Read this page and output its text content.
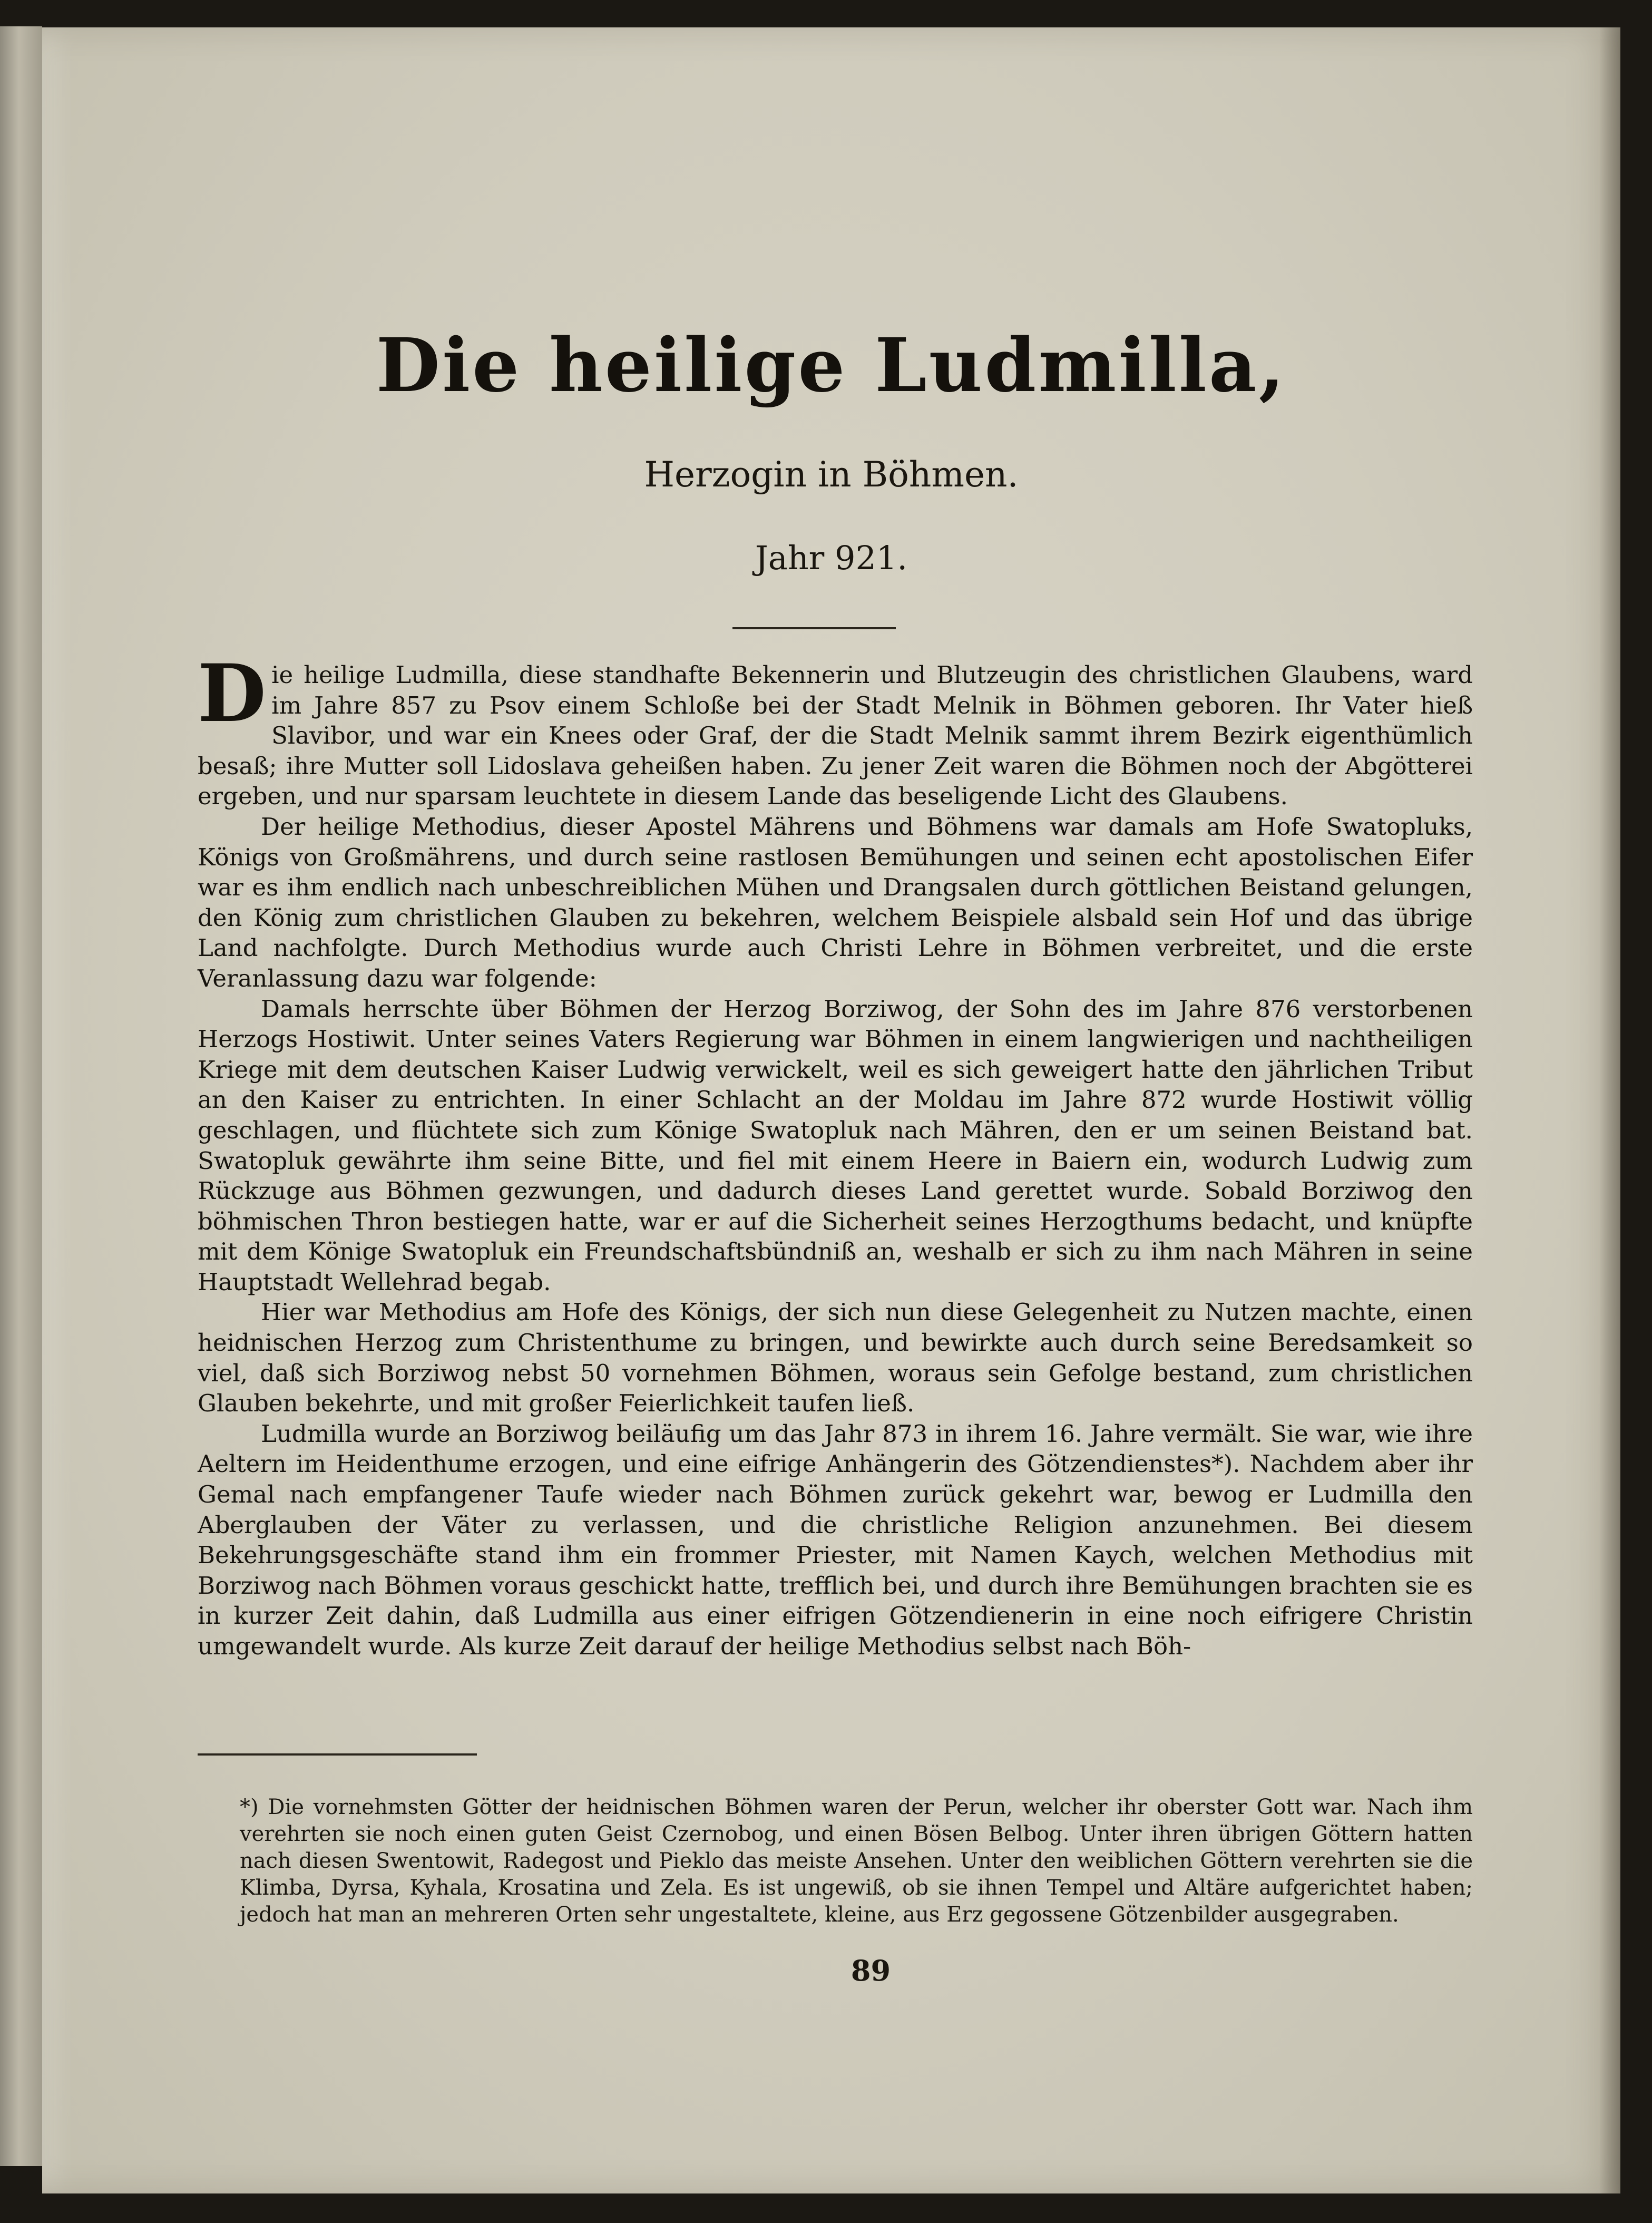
Die heilige Ludmilla,
Herzogin in Böhmen.
Jahr 921.

Die heilige Ludmilla, diese standhafte Bekennerin und Blutzeugin des christlichen Glaubens, ward im Jahre 857 zu Psov einem Schloße bei der Stadt Melnik in Böhmen geboren. Ihr Vater hieß Slavibor, und war ein Knees oder Graf, der die Stadt Melnik sammt ihrem Bezirk eigenthümlich besaß; ihre Mutter soll Lidoslava geheißen haben. Zu jener Zeit waren die Böhmen noch der Abgötterei ergeben, und nur sparsam leuchtete in diesem Lande das beseligende Licht des Glaubens.

Der heilige Methodius, dieser Apostel Mährens und Böhmens war damals am Hofe Swatopluks, Königs von Großmährens, und durch seine rastlosen Bemühungen und seinen echt apostolischen Eifer war es ihm endlich nach unbeschreiblichen Mühen und Drangsalen durch göttlichen Beistand gelungen, den König zum christlichen Glauben zu bekehren, welchem Beispiele alsbald sein Hof und das übrige Land nachfolgte. Durch Methodius wurde auch Christi Lehre in Böhmen verbreitet, und die erste Veranlassung dazu war folgende:

Damals herrschte über Böhmen der Herzog Borziwog, der Sohn des im Jahre 876 verstorbenen Herzogs Hostiwit. Unter seines Vaters Regierung war Böhmen in einem langwierigen und nachtheiligen Kriege mit dem deutschen Kaiser Ludwig verwickelt, weil es sich geweigert hatte den jährlichen Tribut an den Kaiser zu entrichten. In einer Schlacht an der Moldau im Jahre 872 wurde Hostiwit völlig geschlagen, und flüchtete sich zum Könige Swatopluk nach Mähren, den er um seinen Beistand bat. Swatopluk gewährte ihm seine Bitte, und fiel mit einem Heere in Baiern ein, wodurch Ludwig zum Rückzuge aus Böhmen gezwungen, und dadurch dieses Land gerettet wurde. Sobald Borziwog den böhmischen Thron bestiegen hatte, war er auf die Sicherheit seines Herzogthums bedacht, und knüpfte mit dem Könige Swatopluk ein Freundschaftsbündniß an, weshalb er sich zu ihm nach Mähren in seine Hauptstadt Wellehrad begab.

Hier war Methodius am Hofe des Königs, der sich nun diese Gelegenheit zu Nutzen machte, einen heidnischen Herzog zum Christenthume zu bringen, und bewirkte auch durch seine Beredsamkeit so viel, daß sich Borziwog nebst 50 vornehmen Böhmen, woraus sein Gefolge bestand, zum christlichen Glauben bekehrte, und mit großer Feierlichkeit taufen ließ.

Ludmilla wurde an Borziwog beiläufig um das Jahr 873 in ihrem 16. Jahre vermält. Sie war, wie ihre Aeltern im Heidenthume erzogen, und eine eifrige Anhängerin des Götzendienstes*). Nachdem aber ihr Gemal nach empfangener Taufe wieder nach Böhmen zurück gekehrt war, bewog er Ludmilla den Aberglauben der Väter zu verlassen, und die christliche Religion anzunehmen. Bei diesem Bekehrungsgeschäfte stand ihm ein frommer Priester, mit Namen Kaych, welchen Methodius mit Borziwog nach Böhmen voraus geschickt hatte, trefflich bei, und durch ihre Bemühungen brachten sie es in kurzer Zeit dahin, daß Ludmilla aus einer eifrigen Götzendienerin in eine noch eifrigere Christin umgewandelt wurde. Als kurze Zeit darauf der heilige Methodius selbst nach Böh-

*) Die vornehmsten Götter der heidnischen Böhmen waren der Perun, welcher ihr oberster Gott war. Nach ihm verehrten sie noch einen guten Geist Czernobog, und einen Bösen Belbog. Unter ihren übrigen Göttern hatten nach diesen Swentowit, Radegost und Pieklo das meiste Ansehen. Unter den weiblichen Göttern verehrten sie die Klimba, Dyrsa, Kyhala, Krosatina und Zela. Es ist ungewiß, ob sie ihnen Tempel und Altäre aufgerichtet haben; jedoch hat man an mehreren Orten sehr ungestaltete, kleine, aus Erz gegossene Götzenbilder ausgegraben.
89
